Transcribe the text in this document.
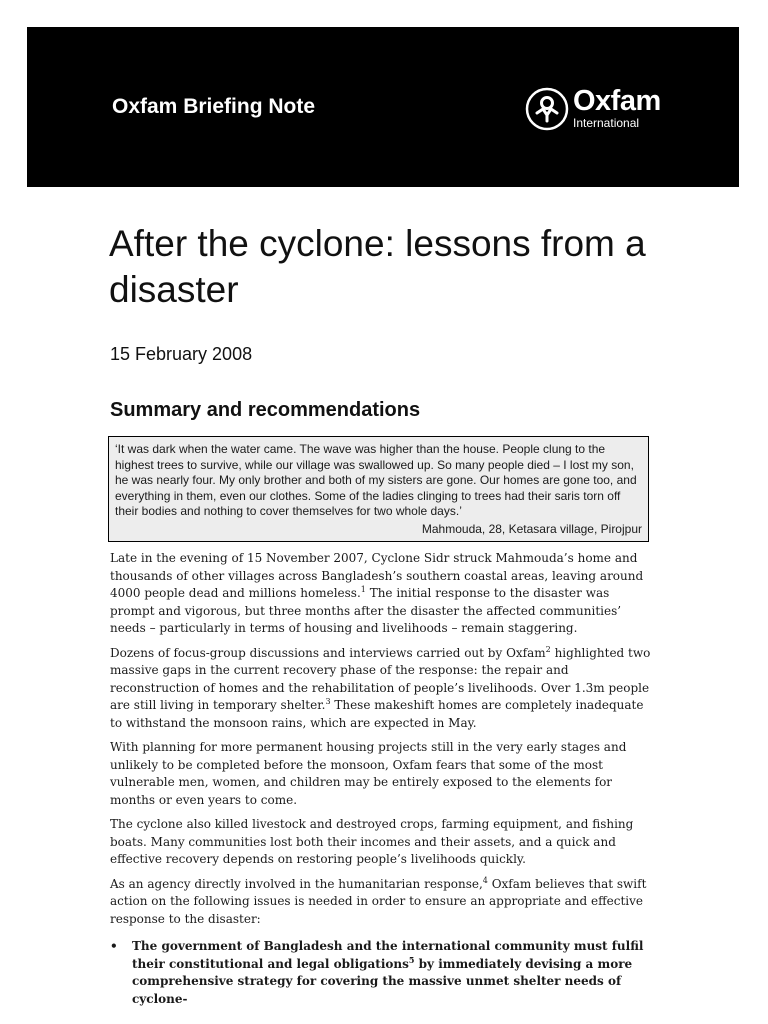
Oxfam Briefing Note	Oxfam
International
After the cyclone: lessons from a disaster
15 February 2008
Summary and recommendations

‘It was dark when the water came. The wave was higher than the house. People clung to the highest trees to survive, while our village was swallowed up. So many people died – I lost my son, he was nearly four. My only brother and both of my sisters are gone. Our homes are gone too, and everything in them, even our clothes. Some of the ladies clinging to trees had their saris torn off their bodies and nothing to cover themselves for two whole days.’

Mahmouda, 28, Ketasara village, Pirojpur

Late in the evening of 15 November 2007, Cyclone Sidr struck Mahmouda’s home and thousands of other villages across Bangladesh’s southern coastal areas, leaving around 4000 people dead and millions homeless.$^1$ The initial response to the disaster was prompt and vigorous, but three months after the disaster the affected communities’ needs – particularly in terms of housing and livelihoods – remain staggering.

Dozens of focus-group discussions and interviews carried out by Oxfam$^2$ highlighted two massive gaps in the current recovery phase of the response: the repair and reconstruction of homes and the rehabilitation of people’s livelihoods. Over 1.3m people are still living in temporary shelter.$^3$ These makeshift homes are completely inadequate to withstand the monsoon rains, which are expected in May.

With planning for more permanent housing projects still in the very early stages and unlikely to be completed before the monsoon, Oxfam fears that some of the most vulnerable men, women, and children may be entirely exposed to the elements for months or even years to come.

The cyclone also killed livestock and destroyed crops, farming equipment, and fishing boats. Many communities lost both their incomes and their assets, and a quick and effective recovery depends on restoring people’s livelihoods quickly.

As an agency directly involved in the humanitarian response,$^4$ Oxfam believes that swift action on the following issues is needed in order to ensure an appropriate and effective response to the disaster:

• The government of Bangladesh and the international community must fulfil their constitutional and legal obligations$^5$ by immediately devising a more comprehensive strategy for covering the massive unmet shelter needs of cyclone-
